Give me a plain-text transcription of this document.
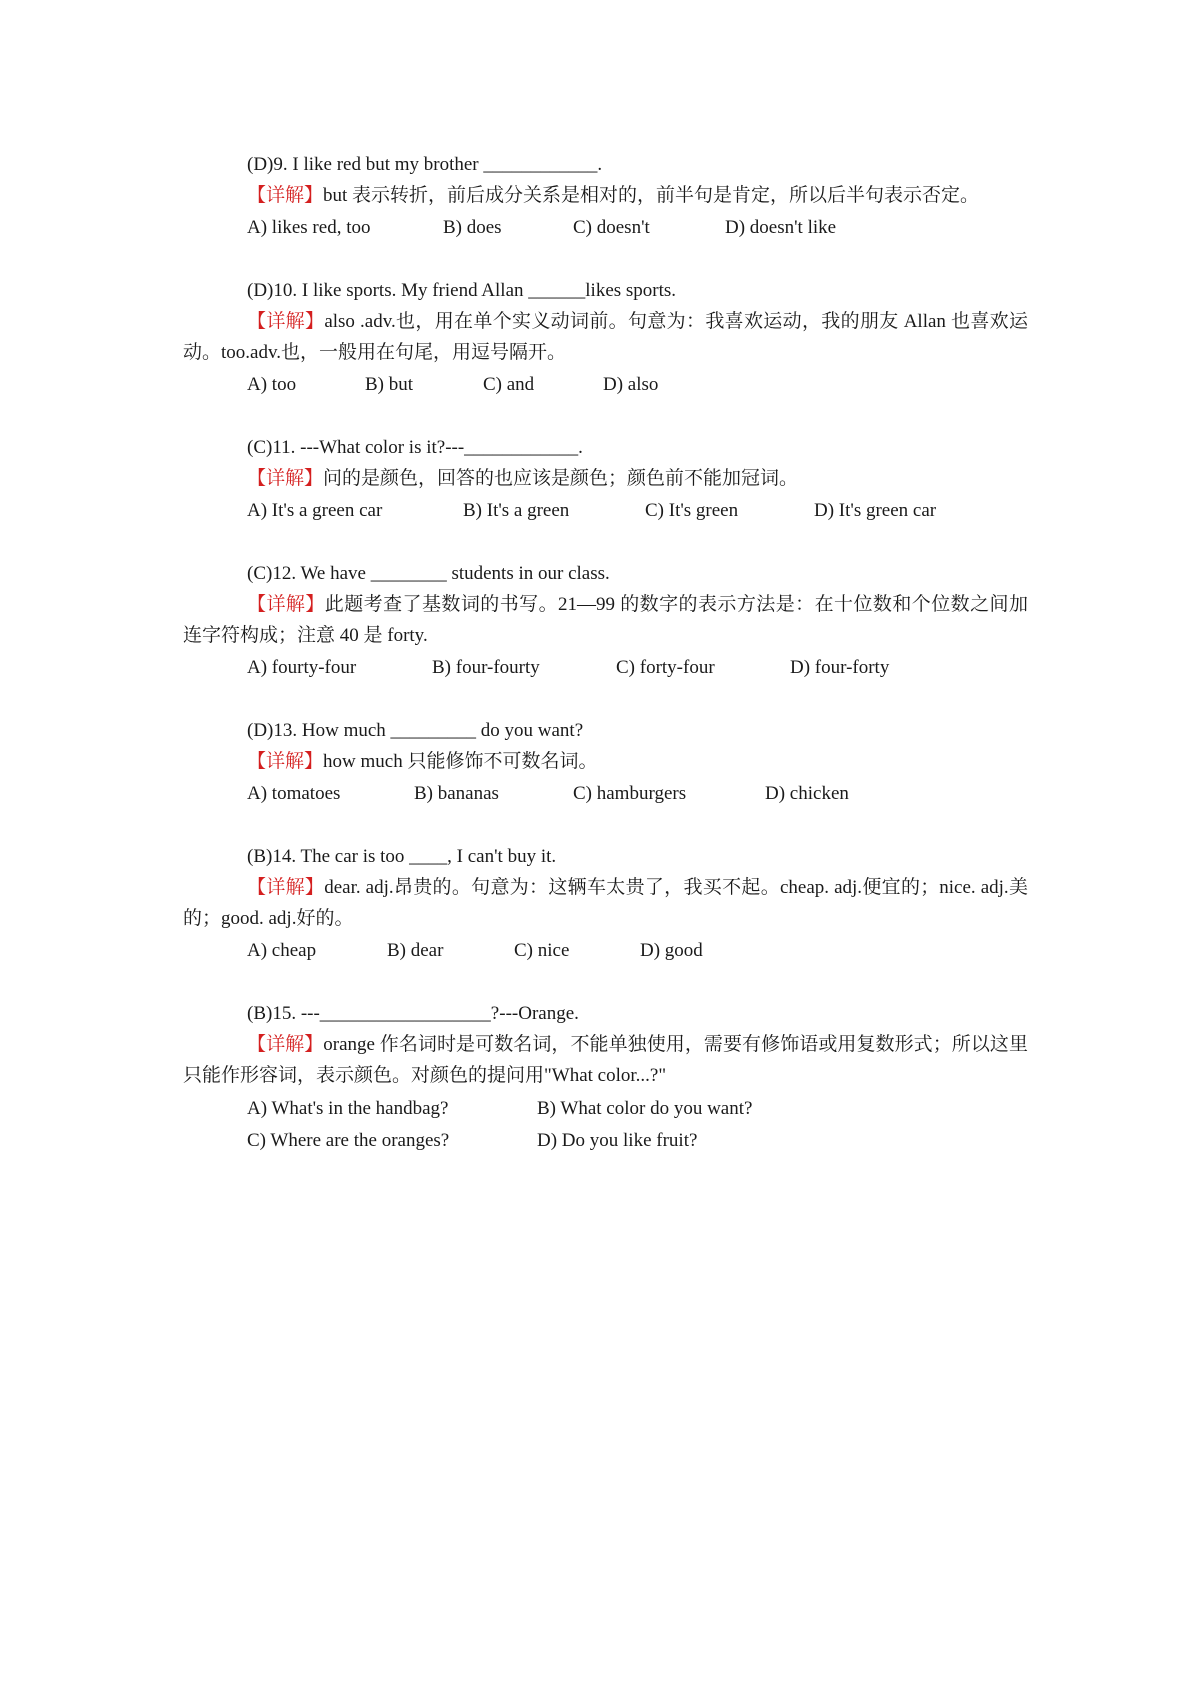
(D)9. I like red but my brother ____________.
【详解】but 表示转折，前后成分关系是相对的，前半句是肯定，所以后半句表示否定。
A) likes red, too	B) does	C) doesn't	D) doesn't like
(D)10. I like sports. My friend Allan ______likes sports.
【详解】also .adv.也，用在单个实义动词前。句意为：我喜欢运动，我的朋友 Allan 也喜欢运动。too.adv.也，一般用在句尾，用逗号隔开。
A) too	B) but	C) and	D) also
(C)11. ---What color is it?---____________.
【详解】问的是颜色，回答的也应该是颜色；颜色前不能加冠词。
A) It's a green car	B) It's a green	C) It's green	D) It's green car
(C)12. We have ________ students in our class.
【详解】此题考查了基数词的书写。21—99 的数字的表示方法是：在十位数和个位数之间加连字符构成；注意 40 是 forty.
A) fourty-four	B) four-fourty	C) forty-four	D) four-forty
(D)13. How much _________ do you want?
【详解】how much 只能修饰不可数名词。
A) tomatoes	B) bananas	C) hamburgers	D) chicken
(B)14. The car is too ____, I can't buy it.
【详解】dear. adj.昂贵的。句意为：这辆车太贵了，我买不起。cheap. adj.便宜的；nice. adj.美的；good. adj.好的。
A) cheap	B) dear	C) nice	D) good
(B)15. ---__________________?---Orange.
【详解】orange 作名词时是可数名词，不能单独使用，需要有修饰语或用复数形式；所以这里只能作形容词，表示颜色。对颜色的提问用"What color...?"
A) What's in the handbag?	B) What color do you want?
C) Where are the oranges?	D) Do you like fruit?
